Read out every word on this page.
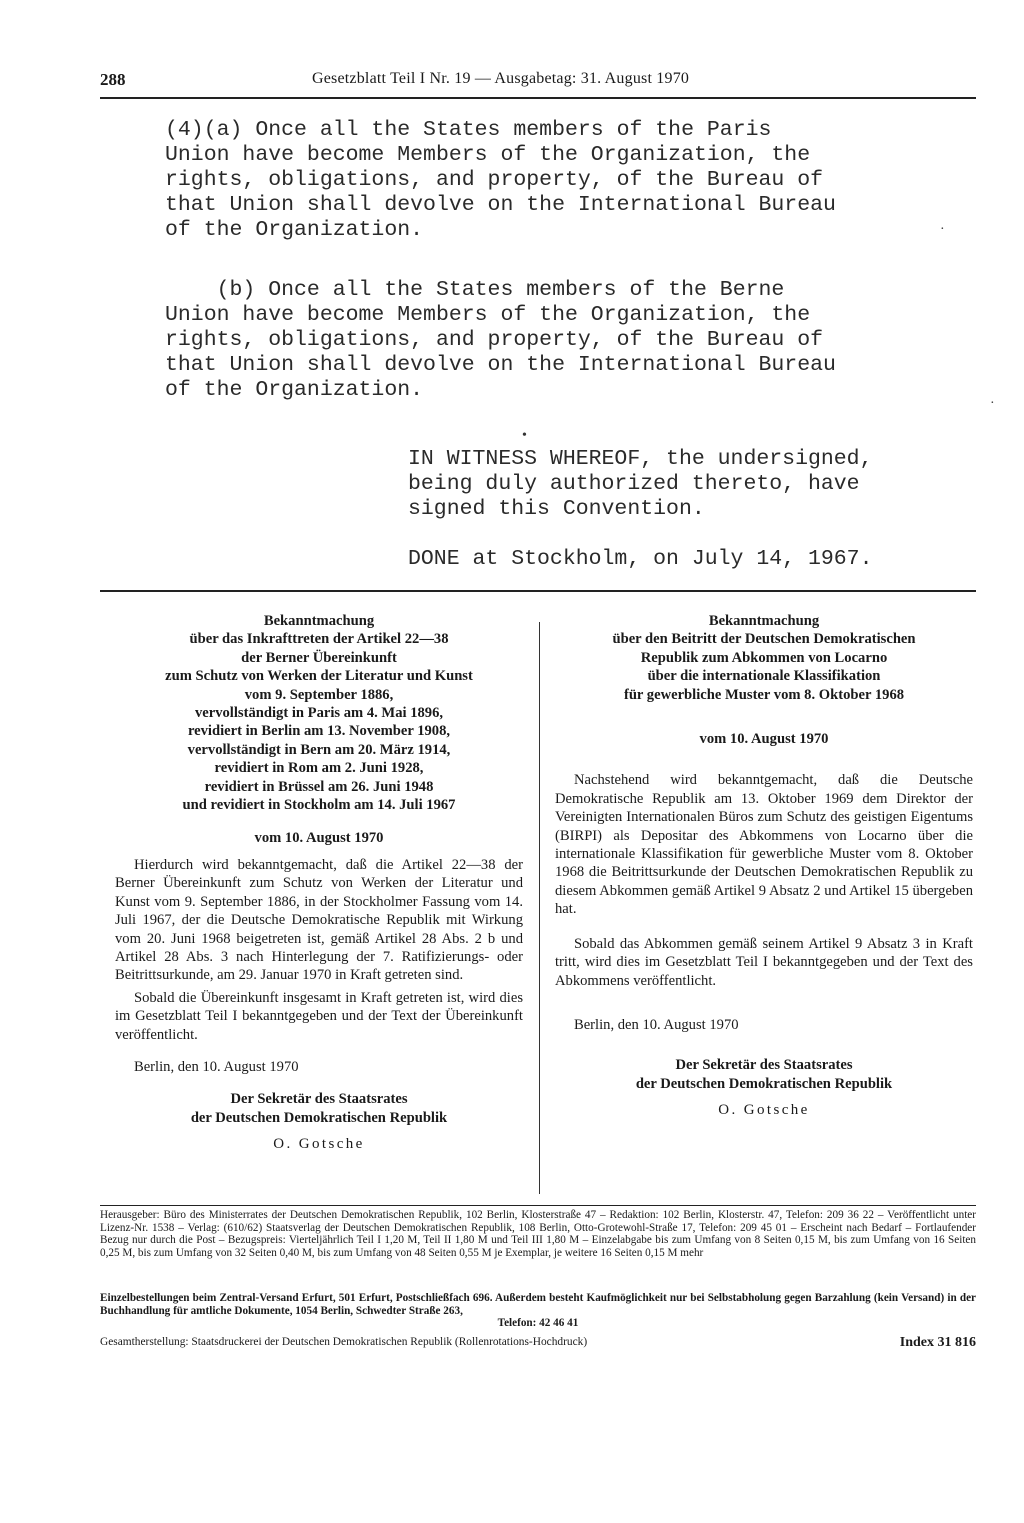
288	Gesetzblatt Teil I Nr. 19 — Ausgabetag: 31. August 1970

(4)(a) Once all the States members of the Paris

Union have become Members of the Organization, the

rights, obligations, and property, of the Bureau of

that Union shall devolve on the International Bureau

of the Organization.

(b) Once all the States members of the Berne

Union have become Members of the Organization, the

rights, obligations, and property, of the Bureau of

that Union shall devolve on the International Bureau

of the Organization.

IN WITNESS WHEREOF, the undersigned,

being duly authorized thereto, have

signed this Convention.

DONE at Stockholm, on July 14, 1967.
Bekanntmachung
über das Inkrafttreten der Artikel 22—38
der Berner Übereinkunft
zum Schutz von Werken der Literatur und Kunst
vom 9. September 1886,
vervollständigt in Paris am 4. Mai 1896,
revidiert in Berlin am 13. November 1908,
vervollständigt in Bern am 20. März 1914,
revidiert in Rom am 2. Juni 1928,
revidiert in Brüssel am 26. Juni 1948
und revidiert in Stockholm am 14. Juli 1967

vom 10. August 1970

Hierdurch wird bekanntgemacht, daß die Artikel 22—38 der Berner Übereinkunft zum Schutz von Werken der Literatur und Kunst vom 9. September 1886, in der Stockholmer Fassung vom 14. Juli 1967, der die Deutsche Demokratische Republik mit Wirkung vom 20. Juni 1968 beigetreten ist, gemäß Artikel 28 Abs. 2 b und Artikel 28 Abs. 3 nach Hinterlegung der 7. Ratifizierungs- oder Beitrittsurkunde, am 29. Januar 1970 in Kraft getreten sind.

Sobald die Übereinkunft insgesamt in Kraft getreten ist, wird dies im Gesetzblatt Teil I bekanntgegeben und der Text der Übereinkunft veröffentlicht.

Berlin, den 10. August 1970

Der Sekretär des Staatsrates
der Deutschen Demokratischen Republik

O. Gotsche

Bekanntmachung
über den Beitritt der Deutschen Demokratischen
Republik zum Abkommen von Locarno
über die internationale Klassifikation
für gewerbliche Muster vom 8. Oktober 1968

vom 10. August 1970

Nachstehend wird bekanntgemacht, daß die Deutsche Demokratische Republik am 13. Oktober 1969 dem Direktor der Vereinigten Internationalen Büros zum Schutz des geistigen Eigentums (BIRPI) als Depositar des Abkommens von Locarno über die internationale Klassifikation für gewerbliche Muster vom 8. Oktober 1968 die Beitrittsurkunde der Deutschen Demokratischen Republik zu diesem Abkommen gemäß Artikel 9 Absatz 2 und Artikel 15 übergeben hat.

Sobald das Abkommen gemäß seinem Artikel 9 Absatz 3 in Kraft tritt, wird dies im Gesetzblatt Teil I bekanntgegeben und der Text des Abkommens veröffentlicht.

Berlin, den 10. August 1970

Der Sekretär des Staatsrates
der Deutschen Demokratischen Republik

O. Gotsche

Herausgeber: Büro des Ministerrates der Deutschen Demokratischen Republik, 102 Berlin, Klosterstraße 47 – Redaktion: 102 Berlin, Klosterstr. 47, Telefon: 209 36 22 – Veröffentlicht unter Lizenz-Nr. 1538 – Verlag: (610/62) Staatsverlag der Deutschen Demokratischen Republik, 108 Berlin, Otto-Grotewohl-Straße 17, Telefon: 209 45 01 – Erscheint nach Bedarf – Fortlaufender Bezug nur durch die Post – Bezugspreis: Vierteljährlich Teil I 1,20 M, Teil II 1,80 M und Teil III 1,80 M – Einzelabgabe bis zum Umfang von 8 Seiten 0,15 M, bis zum Umfang von 16 Seiten 0,25 M, bis zum Umfang von 32 Seiten 0,40 M, bis zum Umfang von 48 Seiten 0,55 M je Exemplar, je weitere 16 Seiten 0,15 M mehr

Einzelbestellungen beim Zentral-Versand Erfurt, 501 Erfurt, Postschließfach 696. Außerdem besteht Kaufmöglichkeit nur bei Selbstabholung gegen Barzahlung (kein Versand) in der Buchhandlung für amtliche Dokumente, 1054 Berlin, Schwedter Straße 263,

Telefon: 42 46 41

Gesamtherstellung: Staatsdruckerei der Deutschen Demokratischen Republik (Rollenrotations-Hochdruck)	Index 31 816
•
·
·
